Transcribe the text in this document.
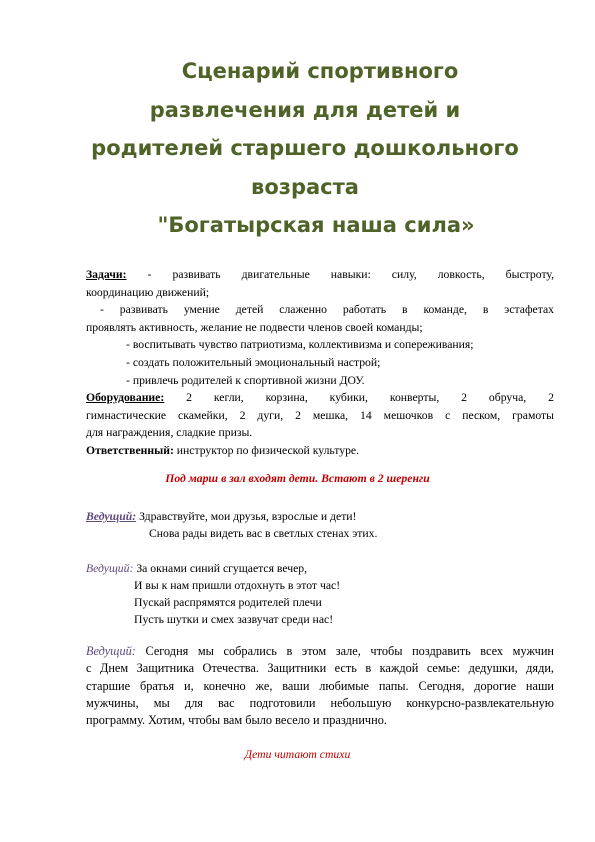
Сценарий спортивного
развлечения для детей и
родителей старшего дошкольного
возраста
"Богатырская наша сила»
Задачи: - развивать двигательные навыки: силу, ловкость, быстроту,
координацию движений;
- развивать умение детей слаженно работать в команде, в эстафетах
проявлять активность, желание не подвести членов своей команды;
- воспитывать чувство патриотизма, коллективизма и сопереживания;
- создать положительный эмоциональный настрой;
- привлечь родителей к спортивной жизни ДОУ.
Оборудование: 2 кегли, корзина, кубики, конверты, 2 обруча, 2
гимнастические скамейки, 2 дуги, 2 мешка, 14 мешочков с песком, грамоты
для награждения, сладкие призы.
Ответственный: инструктор по физической культуре.
Под марш в зал входят дети. Встают в 2 шеренги
Ведущий: Здравствуйте, мои друзья, взрослые и дети!
Снова рады видеть вас в светлых стенах этих.
Ведущий: За окнами синий сгущается вечер,
И вы к нам пришли отдохнуть в этот час!
Пускай распрямятся родителей плечи
Пусть шутки и смех зазвучат среди нас!
Ведущий: Сегодня мы собрались в этом зале, чтобы поздравить всех мужчин
с Днем Защитника Отечества. Защитники есть в каждой семье: дедушки, дяди,
старшие братья и, конечно же, ваши любимые папы. Сегодня, дорогие наши
мужчины, мы для вас подготовили небольшую конкурсно-развлекательную
программу. Хотим, чтобы вам было весело и празднично.
Дети читают стихи
